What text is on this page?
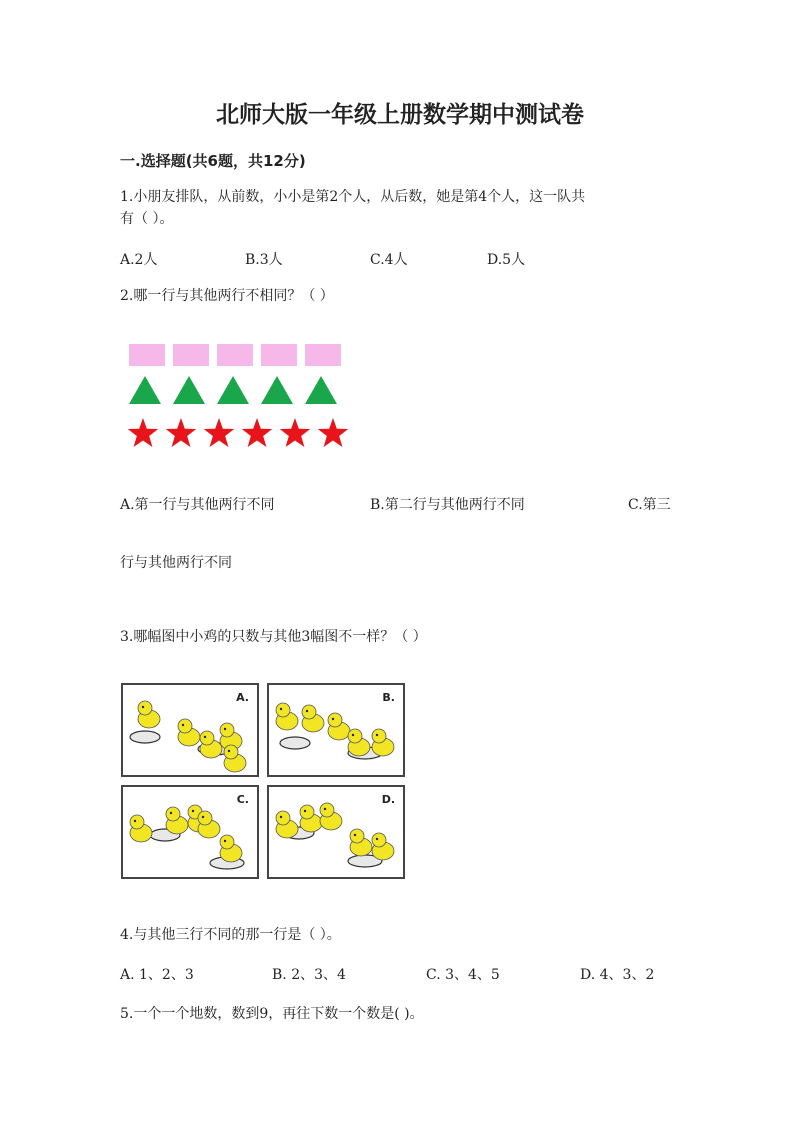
北师大版一年级上册数学期中测试卷
一.选择题(共6题，共12分)
1.小朋友排队，从前数，小小是第2个人，从后数，她是第4个人，这一队共
有（ ）。
A.2人	B.3人	C.4人	D.5人
2.哪一行与其他两行不相同？（ ）
A.第一行与其他两行不同	B.第二行与其他两行不同	C.第三
行与其他两行不同
3.哪幅图中小鸡的只数与其他3幅图不一样？（ ）
A.	B.
C.	D.
4.与其他三行不同的那一行是（ ）。
A. 1、2、3	B. 2、3、4	C. 3、4、5	D. 4、3、2
5.一个一个地数，数到9，再往下数一个数是( )。
